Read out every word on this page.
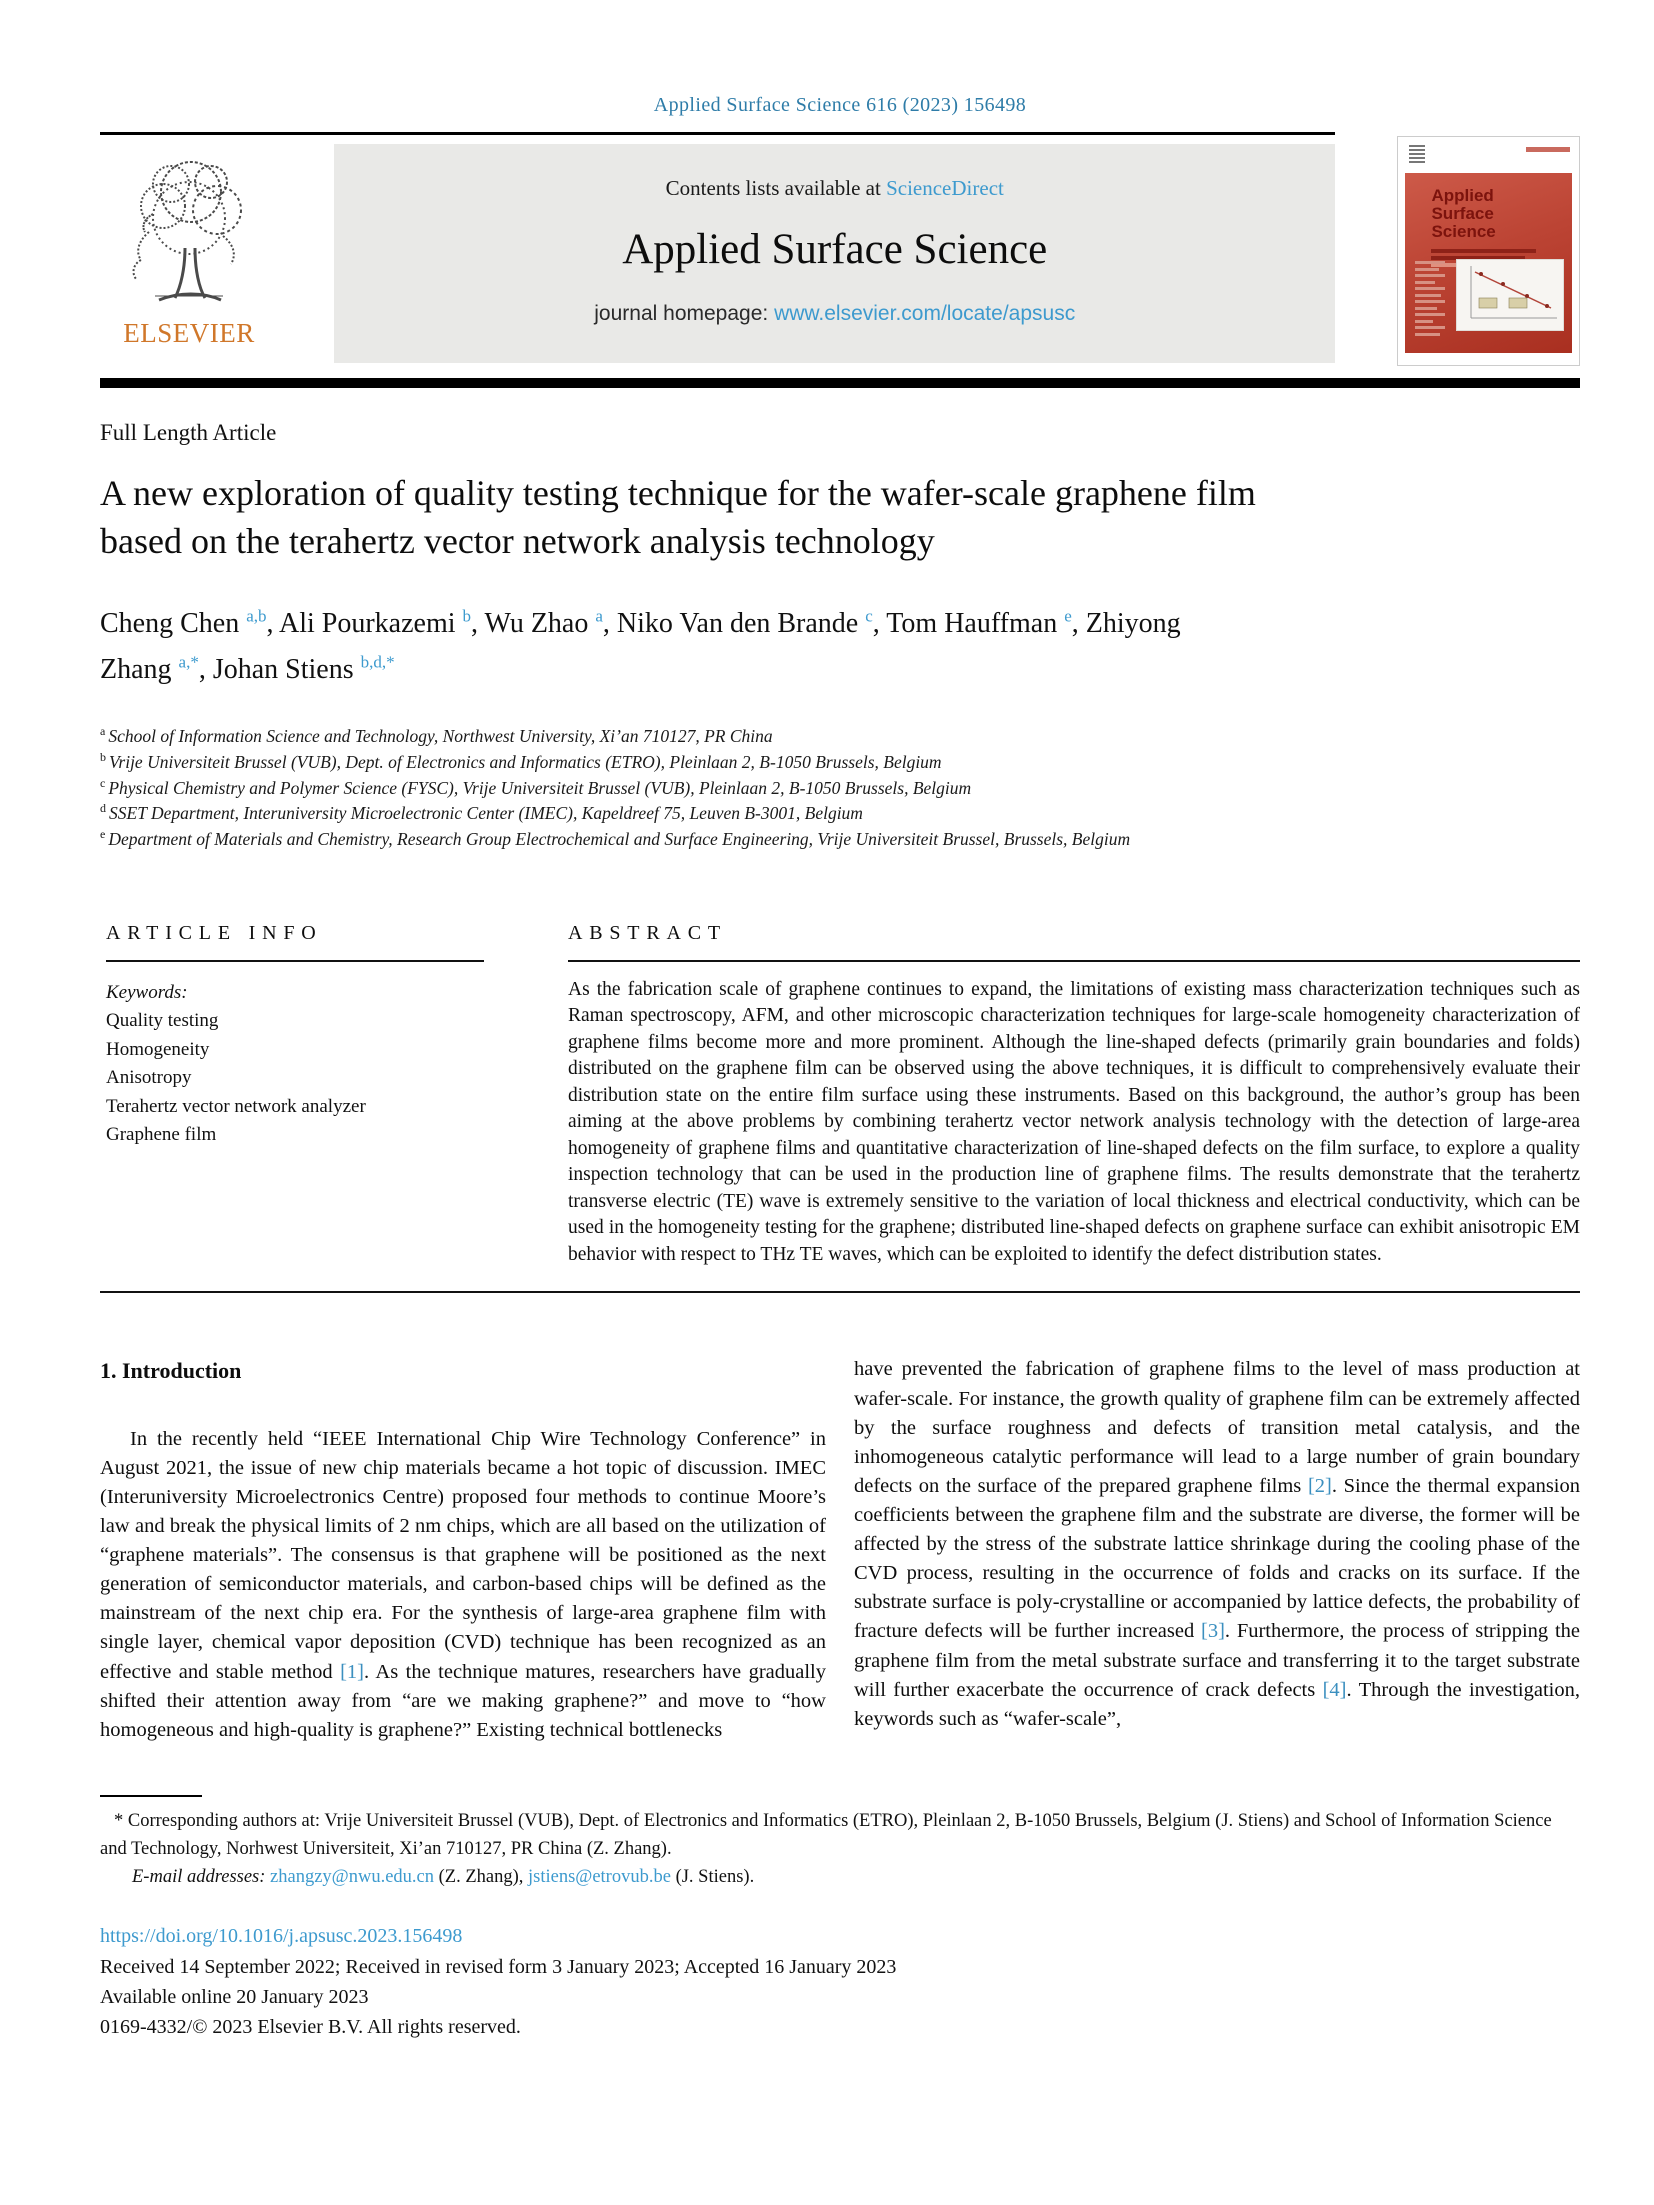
Applied Surface Science 616 (2023) 156498
ELSEVIER
Contents lists available at ScienceDirect
Applied Surface Science
journal homepage: www.elsevier.com/locate/apsusc
Applied
Surface Science
Full Length Article
A new exploration of quality testing technique for the wafer-scale graphene film based on the terahertz vector network analysis technology
Cheng Chen $^{a,b}$, Ali Pourkazemi $^b$, Wu Zhao $^a$, Niko Van den Brande $^c$, Tom Hauffman $^e$, Zhiyong Zhang $^{a,*}$, Johan Stiens $^{b,d,*}$
$^a$ School of Information Science and Technology, Northwest University, Xi’an 710127, PR China
$^b$ Vrije Universiteit Brussel (VUB), Dept. of Electronics and Informatics (ETRO), Pleinlaan 2, B-1050 Brussels, Belgium
$^c$ Physical Chemistry and Polymer Science (FYSC), Vrije Universiteit Brussel (VUB), Pleinlaan 2, B-1050 Brussels, Belgium
$^d$ SSET Department, Interuniversity Microelectronic Center (IMEC), Kapeldreef 75, Leuven B-3001, Belgium
$^e$ Department of Materials and Chemistry, Research Group Electrochemical and Surface Engineering, Vrije Universiteit Brussel, Brussels, Belgium
ARTICLE INFO
Keywords:
Quality testing
Homogeneity
Anisotropy
Terahertz vector network analyzer
Graphene film
ABSTRACT
As the fabrication scale of graphene continues to expand, the limitations of existing mass characterization techniques such as Raman spectroscopy, AFM, and other microscopic characterization techniques for large-scale homogeneity characterization of graphene films become more and more prominent. Although the line-shaped defects (primarily grain boundaries and folds) distributed on the graphene film can be observed using the above techniques, it is difficult to comprehensively evaluate their distribution state on the entire film surface using these instruments. Based on this background, the author’s group has been aiming at the above problems by combining terahertz vector network analysis technology with the detection of large-area homogeneity of graphene films and quantitative characterization of line-shaped defects on the film surface, to explore a quality inspection technology that can be used in the production line of graphene films. The results demonstrate that the terahertz transverse electric (TE) wave is extremely sensitive to the variation of local thickness and electrical conductivity, which can be used in the homogeneity testing for the graphene; distributed line-shaped defects on graphene surface can exhibit anisotropic EM behavior with respect to THz TE waves, which can be exploited to identify the defect distribution states.
1. Introduction

In the recently held “IEEE International Chip Wire Technology Conference” in August 2021, the issue of new chip materials became a hot topic of discussion. IMEC (Interuniversity Microelectronics Centre) proposed four methods to continue Moore’s law and break the physical limits of 2 nm chips, which are all based on the utilization of “graphene materials”. The consensus is that graphene will be positioned as the next generation of semiconductor materials, and carbon-based chips will be defined as the mainstream of the next chip era. For the synthesis of large-area graphene film with single layer, chemical vapor deposition (CVD) technique has been recognized as an effective and stable method [1]. As the technique matures, researchers have gradually shifted their attention away from “are we making graphene?” and move to “how homogeneous and high-quality is graphene?” Existing technical bottlenecks

have prevented the fabrication of graphene films to the level of mass production at wafer-scale. For instance, the growth quality of graphene film can be extremely affected by the surface roughness and defects of transition metal catalysis, and the inhomogeneous catalytic performance will lead to a large number of grain boundary defects on the surface of the prepared graphene films [2]. Since the thermal expansion coefficients between the graphene film and the substrate are diverse, the former will be affected by the stress of the substrate lattice shrinkage during the cooling phase of the CVD process, resulting in the occurrence of folds and cracks on its surface. If the substrate surface is poly-crystalline or accompanied by lattice defects, the probability of fracture defects will be further increased [3]. Furthermore, the process of stripping the graphene film from the metal substrate surface and transferring it to the target substrate will further exacerbate the occurrence of crack defects [4]. Through the investigation, keywords such as “wafer-scale”,

* Corresponding authors at: Vrije Universiteit Brussel (VUB), Dept. of Electronics and Informatics (ETRO), Pleinlaan 2, B-1050 Brussels, Belgium (J. Stiens) and School of Information Science and Technology, Norhwest Universiteit, Xi’an 710127, PR China (Z. Zhang).
E-mail addresses: zhangzy@nwu.edu.cn (Z. Zhang), jstiens@etrovub.be (J. Stiens).
https://doi.org/10.1016/j.apsusc.2023.156498
Received 14 September 2022; Received in revised form 3 January 2023; Accepted 16 January 2023
Available online 20 January 2023
0169-4332/© 2023 Elsevier B.V. All rights reserved.
